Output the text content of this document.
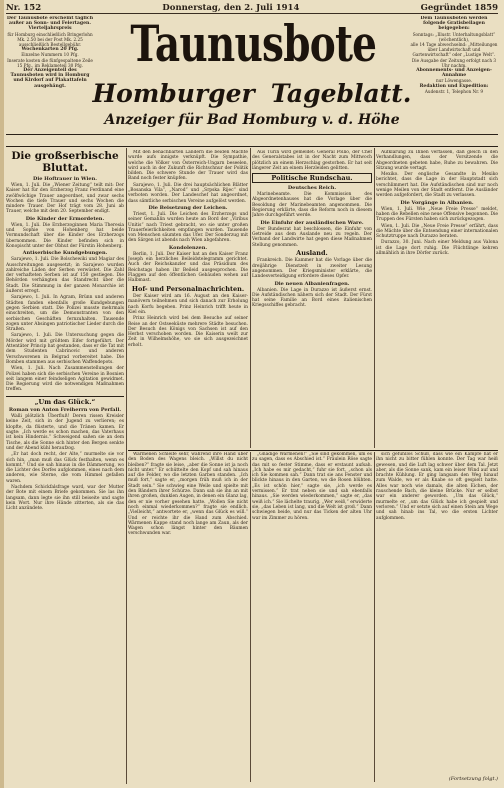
Nr. 152	Donnerstag, den 2. Juli 1914	Gegründet 1859
Der Taunusbote erscheint täglich außer an Sonn- und Feiertagen.
Vierteljahrspreis
für Homburg einschließlich Bringerlohn Mk. 2.50 bei der Post Mk. 2.25 ausschließlich Bestellgebühr.
Wochenkarten 20 Pfg.
Einzelne Nummern 10 Pfg.
Inserate kosten die fünfgespaltene Zeile 15 Pfg., im Reklameteil 30 Pfg.
Der Anzeigenteil des Taunusboten wird in Homburg und Kirdorf auf Plakattafeln ausgehängt.
Taunusbote
Homburger Tageblatt.
Anzeiger für Bad Homburg v. d. Höhe
Dem Taunusboten werden folgende Gratisbeilagen beigegeben:
Sonntags: „Illustr. Unterhaltungsblatt“ (wöchentlich),
alle 14 Tage abwechselnd: „Mitteilungen über Landwirtschaft und Gartenwirtschaft“ oder „Lustige Welt“.
Die Ausgabe der Zeitung erfolgt nach 3 Uhr nachm.
Abonnements- und Anzeigen-Annahme
nur Löwengasse.
Redaktion und Expedition:
Audenstr. 1, Telephon Nr. 9
Die großserbische Bluttat.
Die Hoftrauer in Wien.

Wien, 1. Juli. Die „Wiener Zeitung“ teilt mit: Der Kaiser hat für den Erzherzog Franz Ferdinand eine zwölfwöchige Trauer angeordnet, und zwar sechs Wochen die tiefe Trauer und sechs Wochen die mindere Trauer. Der Hof trägt vom 28. Juni ab Trauer, welche mit dem 20. September endigt.

Die Kinder der Ermordeten.

Wien, 1. Juli. Die Erzherzoginnen Maria Theresia und Sophie von Hohenberg hat beide Vormundschaft über die Kinder des Erzherzogs übernommen. Die Kinder befinden sich in Konopischt unter der Obhut der Fürstin Hohenberg.

Antiserbische Kundgebungen.

Sarajewo, 1. Juli. Die Bolschewiki und Magiar des Ausschreitungen ausgesetzt; in Sarajewo wurden zahlreiche Läden der Serben verwüstet. Die Zahl der verhafteten Serben ist auf 150 gestiegen. Die Behörden verhängten das Standrecht über die Stadt. Die Stimmung in der ganzen Monarchie ist äußerst erregt.

Sarajewo, 1. Juli. In Agram, Brünn und anderen Städten fanden ebenfalls große Kundgebungen gegen Serbien statt. Die Polizei musste mehrmals einschreiten, um die Demonstranten von den serbischen Geschäften fernzuhalten. Tausende zogen unter Absingen patriotischer Lieder durch die Straßen.

Sarajewo, 1. Juli. Die Untersuchung gegen die Mörder wird mit größtem Eifer fortgeführt. Der Attentäter Princip hat gestanden, dass er die Tat mit dem Studenten Cabrinovic und anderen Verschworenen in Belgrad vorbereitet habe. Die Bomben stammen aus serbischen Waffendepots.

Wien, 1. Juli. Nach Zusammenstellungen der Polizei haben sich die serbischen Vereine in Bosnien seit langem einer feindseligen Agitation gewidmet. Die Regierung wird die notwendigen Maßnahmen treffen.

„Um das Glück.“
Roman von Anton Freiherrn von Perfall.

Walli plötzlich Überfluß! Deren rissen Kreisler keine Zeit, sich in der Jugend zu verlieren; es klopfte, da flüsterte, und die Tränen kamen. Er sagte: „Ich werde es schon machen, das Vaterhaus ist kein Hindernis.“ Schweigend saßen sie an dem Tische, als die Sonne sich hinter den Bergen senkte und der Abend kühl heraufzog.

„Er hat doch recht, der Alte,“ murmelte sie vor sich hin, „man muß das Glück festhalten, wenn es kommt.“ Und sie sah hinaus in die Dämmerung, wo die Lichter des Dorfes aufglommen, eines nach dem anderen, wie Sterne, die vom Himmel gefallen waren.

Nachdem Schickfalsfrage ward, war der Mutter der Bote mit einem Briefe gekommen. Sie las ihn langsam, dann legte sie ihn still beiseite und sagte kein Wort. Nur ihre Hände zitterten, als sie das Licht anzündete.

Mit den benachbarten Ländern die beiden Mächte wurde aufs innigste verknüpft. Die Sympathie, welche die Völker von Österreich-Ungarn beseelen, wird auch in der Zukunft die Richtschnur der Politik bilden. Die schwere Stunde der Trauer wird das Band noch fester knüpfen.

Sarajewo, 1. Juli. Die drei hauptsächlichen Blätter „Bosanska Vila“, „Narod“ und „Srpska Rijec“ sind verboten worden. Der Landeschef hat angeordnet, dass sämtliche serbischen Vereine aufgelöst werden.

Die Beisetzung der Leichen.

Triest, 1. Juli. Die Leichen des Erzherzogs und seiner Gemahlin wurden heute an Bord der „Viribus Unitis“ nach Triest gebracht, wo sie unter großen Trauerfeierlichkeiten empfangen wurden. Tausende von Menschen säumten das Ufer. Der Sonderzug mit den Särgen ist abends nach Wien abgefahren.

Kondolenzen.

Berlin, 1. Juli. Der Kaiser hat an den Kaiser Franz Joseph ein herzliches Beileidstelegramm gerichtet. Auch der Reichskanzler und das Präsidium des Reichstags haben ihr Beileid ausgesprochen. Die Flaggen auf den öffentlichen Gebäuden wehen auf Halbmast.

Hof- und Personalnachrichten.

Der Kaiser wird am 16. August an den Kaiser-manövern teilnehmen und sich danach zur Erholung nach Korfu begeben. Prinz Heinrich trifft heute in Kiel ein.

Prinz Heinrich wird bei dem Besuche auf seiner Reise an der Ostseeküste mehrere Städte besuchen. Der Besuch des Königs von Sachsen ist auf den Herbst verschoben worden. Die Kaiserin weilt zur Zeit in Wilhelmshöhe, wo sie sich ausgezeichnet erholt.

Aus Turin wird gemeldet: General Pollio, der Chef des Generalstabes ist in der Nacht zum Mittwoch plötzlich an einem Herzschlag gestorben. Er hat seit längerer Zeit an einem Herzleiden gelitten.

Politische Rundschau.
Deutsches Reich.

Marinebeamte. Die Kommission des Abgeordnetenhauses hat die Vorlage über die Besoldung der Marinebeamten angenommen. Die Regierung erklärte, dass die Reform noch in diesem Jahre durchgeführt werde.

Die Einfuhr der ausländischen Ware.

Der Bundesrat hat beschlossen, die Einfuhr von Getreide aus dem Auslande neu zu regeln. Der Verband der Landwirte hat gegen diese Maßnahmen Stellung genommen.

Ausland.

Frankreich. Die Kammer hat die Vorlage über die dreijährige Dienstzeit in zweiter Lesung angenommen. Der Kriegsminister erklärte, die Landesverteidigung erfordere dieses Opfer.

Die neuen Albanienfragen.

Albanien. Die Lage in Durazzo ist äußerst ernst. Die Aufständischen nähern sich der Stadt. Der Fürst hat seine Familie an Bord eines italienischen Kriegsschiffes gebracht.

Aufklärung zu Ihnen verfassen, daß gleich in den Verhandlungen, dass der Vorsitzende die Abgeordneten gebeten habe, Ruhe zu bewahren. Die Sitzung wurde vertagt.

Mexiko. Der englische Gesandte in Mexiko berichtet, dass die Lage in der Hauptstadt sich verschlimmert hat. Die Aufständischen sind nur noch wenige Meilen von der Stadt entfernt. Die Ausländer werden aufgefordert, die Stadt zu verlassen.

Die Vorgänge in Albanien.

Wien, 1. Juli. Wie „Neue Freie Presse“ meldet, haben die Rebellen eine neue Offensive begonnen. Die Truppen des Fürsten haben sich zurückgezogen.

Wien, 1. Juli. Die „Neue Freie Presse“ erfährt, dass die Mächte über die Entsendung einer internationalen Schutztruppe nach Durazzo beraten.

Durazzo, 30. Juni. Nach einer Meldung aus Valona ist die Lage dort ruhig. Die Flüchtlinge kehren allmählich in ihre Dörfer zurück.

Wärmenen Schleife sehr, während ihre Hand über den Boden des Wagens bleich. „Willst du nicht bleiben?“ fragte sie leise, „aber die Sonne ist ja noch nicht unter.“ Er schüttelte den Kopf und sah hinaus auf die Felder, wo die letzten Garben standen. „Ich muß fort,“ sagte er, „morgen früh muß ich in der Stadt sein.“ Sie schwieg eine Weile und spielte mit den Bändern ihrer Schürze. Dann sah sie ihn an mit ihren großen, dunklen Augen, in denen ein Glanz lag, den er nie vorher gesehen hatte. „Wollen Sie nicht noch einmal wiederkommen?“ fragte sie endlich. „Vielleicht,“ antwortete er, „wenn das Glück es will.“ Und er reichte ihr die Hand zum Abschied. Wärmenen Kappe stand noch lange am Zaun, als der Wagen schon längst hinter den Bäumen verschwunden war.

„Gnädige Wärmenen!“ „Sie sind gekommen, um es zu sagen, dass es Abschied ist.“ Fräulein Röse sagte das mit so fester Stimme, dass er erstaunt aufsah. „Ich habe es mir gedacht,“ fuhr sie fort, „schon als ich Sie kommen sah.“ Dann trat sie ans Fenster und blickte hinaus in den Garten, wo die Rosen blühten. „Es ist schön hier,“ sagte sie, „ich werde es vermissen.“ Er trat neben sie und sah ebenfalls hinaus. „Sie werden wiederkommen,“ sagte er, „das weiß ich.“ Sie lächelte traurig. „Wer weiß,“ erwiderte sie, „das Leben ist lang, und die Welt ist groß.“ Dann schwiegen beide, und nur das Ticken der alten Uhr war im Zimmer zu hören.

sich gefühllos Schuß, dass wie ein Kampfe hat er ihn nicht zu bitter fühlen konnte. Der Tag war heiß gewesen, und die Luft lag schwer über dem Tal. Jetzt aber, als die Sonne sank, kam ein leiser Wind auf und brachte Kühlung. Er ging langsam den Weg hinauf zum Walde, wo er als Knabe so oft gespielt hatte. Alles war noch wie damals, die alten Eichen, der rauschende Bach, die kleine Brücke. Nur er selbst war ein anderer geworden. „Um das Glück,“ murmelte er, „um das Glück habe ich gespielt und verloren.“ Und er setzte sich auf einen Stein am Wege und sah hinab ins Tal, wo die ersten Lichter aufglommen.

(Fortsetzung folgt.)
